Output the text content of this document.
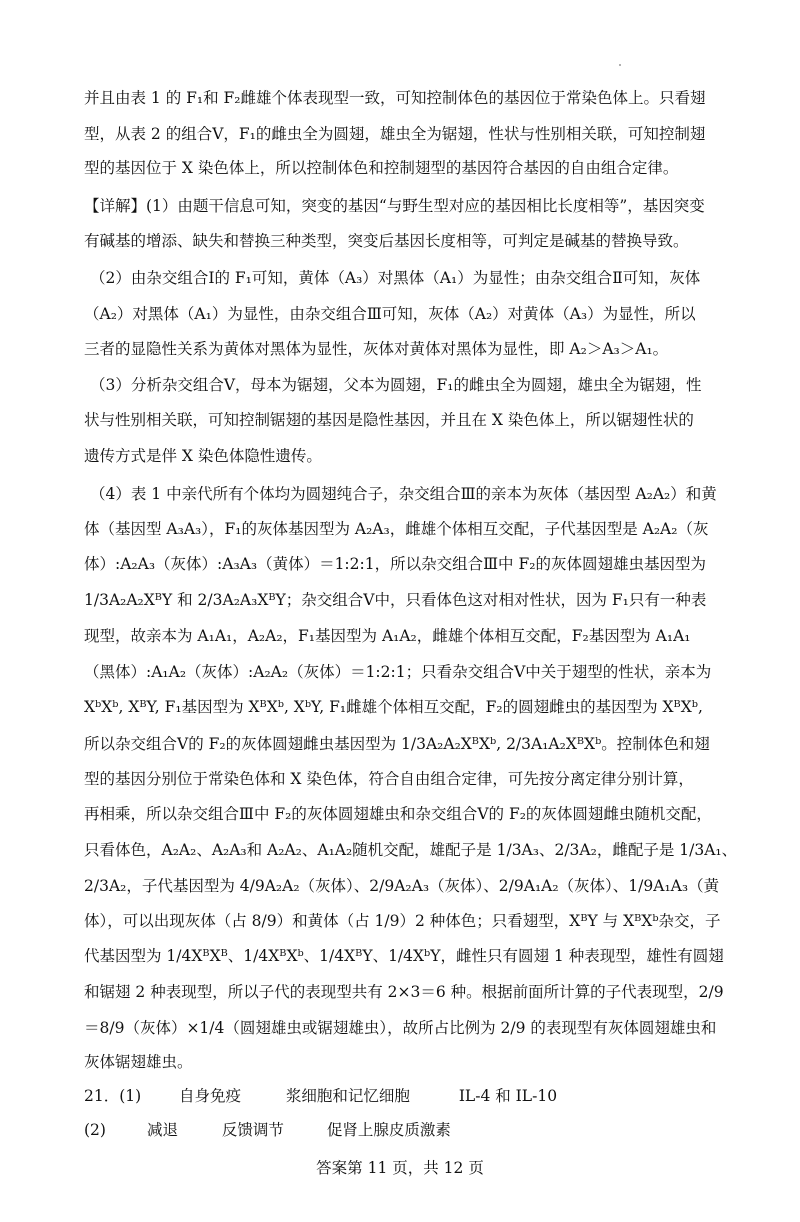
并且由表 1 的 F₁和 F₂雌雄个体表现型一致，可知控制体色的基因位于常染色体上。只看翅
型，从表 2 的组合V，F₁的雌虫全为圆翅，雄虫全为锯翅，性状与性别相关联，可知控制翅
型的基因位于 X 染色体上，所以控制体色和控制翅型的基因符合基因的自由组合定律。
【详解】(1）由题干信息可知，突变的基因“与野生型对应的基因相比长度相等”，基因突变
有碱基的增添、缺失和替换三种类型，突变后基因长度相等，可判定是碱基的替换导致。
（2）由杂交组合Ⅰ的 F₁可知，黄体（A₃）对黑体（A₁）为显性；由杂交组合Ⅱ可知，灰体
（A₂）对黑体（A₁）为显性，由杂交组合Ⅲ可知，灰体（A₂）对黄体（A₃）为显性，所以
三者的显隐性关系为黄体对黑体为显性，灰体对黄体对黑体为显性，即 A₂＞A₃＞A₁。
（3）分析杂交组合V，母本为锯翅，父本为圆翅，F₁的雌虫全为圆翅，雄虫全为锯翅，性
状与性别相关联，可知控制锯翅的基因是隐性基因，并且在 X 染色体上，所以锯翅性状的
遗传方式是伴 X 染色体隐性遗传。
（4）表 1 中亲代所有个体均为圆翅纯合子，杂交组合Ⅲ的亲本为灰体（基因型 A₂A₂）和黄
体（基因型 A₃A₃），F₁的灰体基因型为 A₂A₃，雌雄个体相互交配，子代基因型是 A₂A₂（灰
体）:A₂A₃（灰体）:A₃A₃（黄体）＝1:2:1，所以杂交组合Ⅲ中 F₂的灰体圆翅雄虫基因型为
1/3A₂A₂XᴮY 和 2/3A₂A₃XᴮY；杂交组合V中，只看体色这对相对性状，因为 F₁只有一种表
现型，故亲本为 A₁A₁，A₂A₂，F₁基因型为 A₁A₂，雌雄个体相互交配，F₂基因型为 A₁A₁
（黑体）:A₁A₂（灰体）:A₂A₂（灰体）＝1:2:1；只看杂交组合V中关于翅型的性状，亲本为
XᵇXᵇ, XᴮY, F₁基因型为 XᴮXᵇ, XᵇY, F₁雌雄个体相互交配，F₂的圆翅雌虫的基因型为 XᴮXᵇ,
所以杂交组合V的 F₂的灰体圆翅雌虫基因型为 1/3A₂A₂XᴮXᵇ, 2/3A₁A₂XᴮXᵇ。控制体色和翅
型的基因分别位于常染色体和 X 染色体，符合自由组合定律，可先按分离定律分别计算，
再相乘，所以杂交组合Ⅲ中 F₂的灰体圆翅雄虫和杂交组合V的 F₂的灰体圆翅雌虫随机交配，
只看体色，A₂A₂、A₂A₃和 A₂A₂、A₁A₂随机交配，雄配子是 1/3A₃、2/3A₂，雌配子是 1/3A₁、
2/3A₂，子代基因型为 4/9A₂A₂（灰体）、2/9A₂A₃（灰体）、2/9A₁A₂（灰体）、1/9A₁A₃（黄
体），可以出现灰体（占 8/9）和黄体（占 1/9）2 种体色；只看翅型，XᴮY 与 XᴮXᵇ杂交，子
代基因型为 1/4XᴮXᴮ、1/4XᴮXᵇ、1/4XᴮY、1/4XᵇY，雌性只有圆翅 1 种表现型，雄性有圆翅
和锯翅 2 种表现型，所以子代的表现型共有 2×3＝6 种。根据前面所计算的子代表现型，2/9
＝8/9（灰体）×1/4（圆翅雄虫或锯翅雄虫），故所占比例为 2/9 的表现型有灰体圆翅雄虫和
灰体锯翅雄虫。
21．(1) 自身免疫	浆细胞和记忆细胞	IL-4 和 IL-10
(2)	减退	反馈调节	促肾上腺皮质激素
答案第 11 页，共 12 页
